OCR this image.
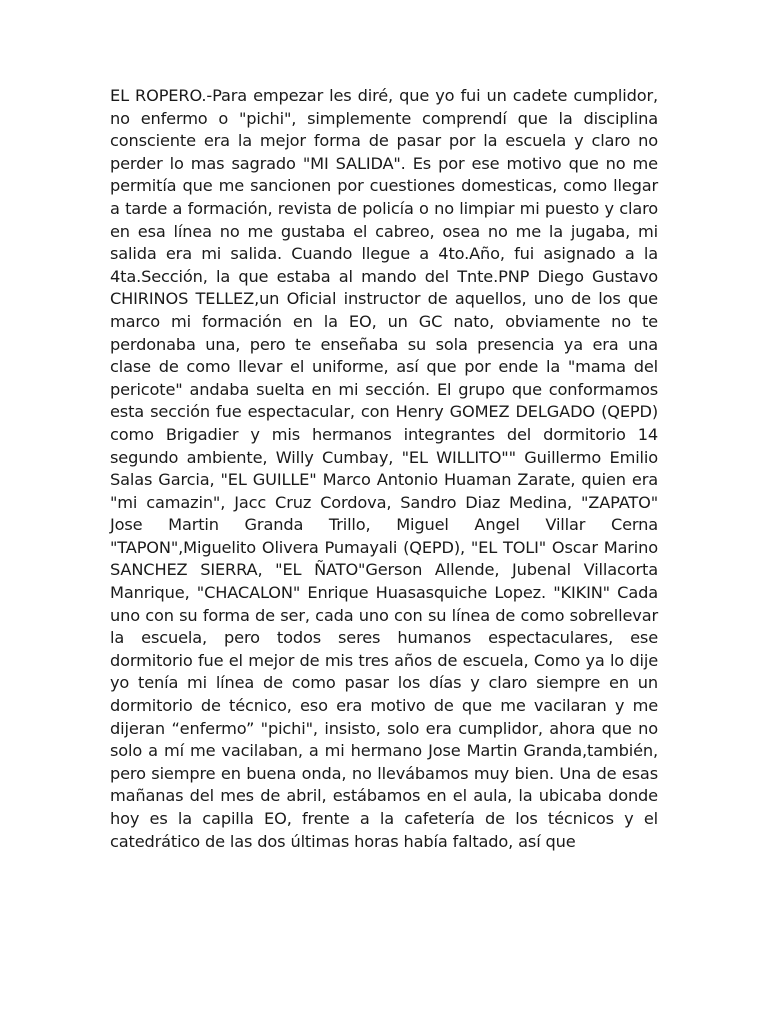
EL ROPERO.-Para empezar les diré, que yo fui un cadete cumplidor, no enfermo o "pichi", simplemente comprendí que la disciplina consciente era la mejor forma de pasar por la escuela y claro no perder lo mas sagrado "MI SALIDA". Es por ese motivo que no me permitía que me sancionen por cuestiones domesticas, como llegar a tarde a formación, revista de policía o no limpiar mi puesto y claro en esa línea no me gustaba el cabreo, osea no me la jugaba, mi salida era mi salida. Cuando llegue a 4to.Año, fui asignado a la 4ta.Sección, la que estaba al mando del Tnte.PNP Diego Gustavo CHIRINOS TELLEZ,un Oficial instructor de aquellos, uno de los que marco mi formación en la EO, un GC nato, obviamente no te perdonaba una, pero te enseñaba su sola presencia ya era una clase de como llevar el uniforme, así que por ende la "mama del pericote" andaba suelta en mi sección. El grupo que conformamos esta sección fue espectacular, con Henry GOMEZ DELGADO (QEPD) como Brigadier y mis hermanos integrantes del dormitorio 14 segundo ambiente, Willy Cumbay, "EL WILLITO"" Guillermo Emilio Salas Garcia, "EL GUILLE" Marco Antonio Huaman Zarate, quien era "mi camazin", Jacc Cruz Cordova, Sandro Diaz Medina, "ZAPATO" Jose Martin Granda Trillo, Miguel Angel Villar Cerna "TAPON",Miguelito Olivera Pumayali (QEPD), "EL TOLI" Oscar Marino SANCHEZ SIERRA, "EL ÑATO"Gerson Allende, Jubenal Villacorta Manrique, "CHACALON" Enrique Huasasquiche Lopez. "KIKIN" Cada uno con su forma de ser, cada uno con su línea de como sobrellevar la escuela, pero todos seres humanos espectaculares, ese dormitorio fue el mejor de mis tres años de escuela, Como ya lo dije yo tenía mi línea de como pasar los días y claro siempre en un dormitorio de técnico, eso era motivo de que me vacilaran y me dijeran “enfermo” "pichi", insisto, solo era cumplidor, ahora que no solo a mí me vacilaban, a mi hermano Jose Martin Granda,también, pero siempre en buena onda, no llevábamos muy bien. Una de esas mañanas del mes de abril, estábamos en el aula, la ubicaba donde hoy es la capilla EO, frente a la cafetería de los técnicos y el catedrático de las dos últimas horas había faltado, así que
